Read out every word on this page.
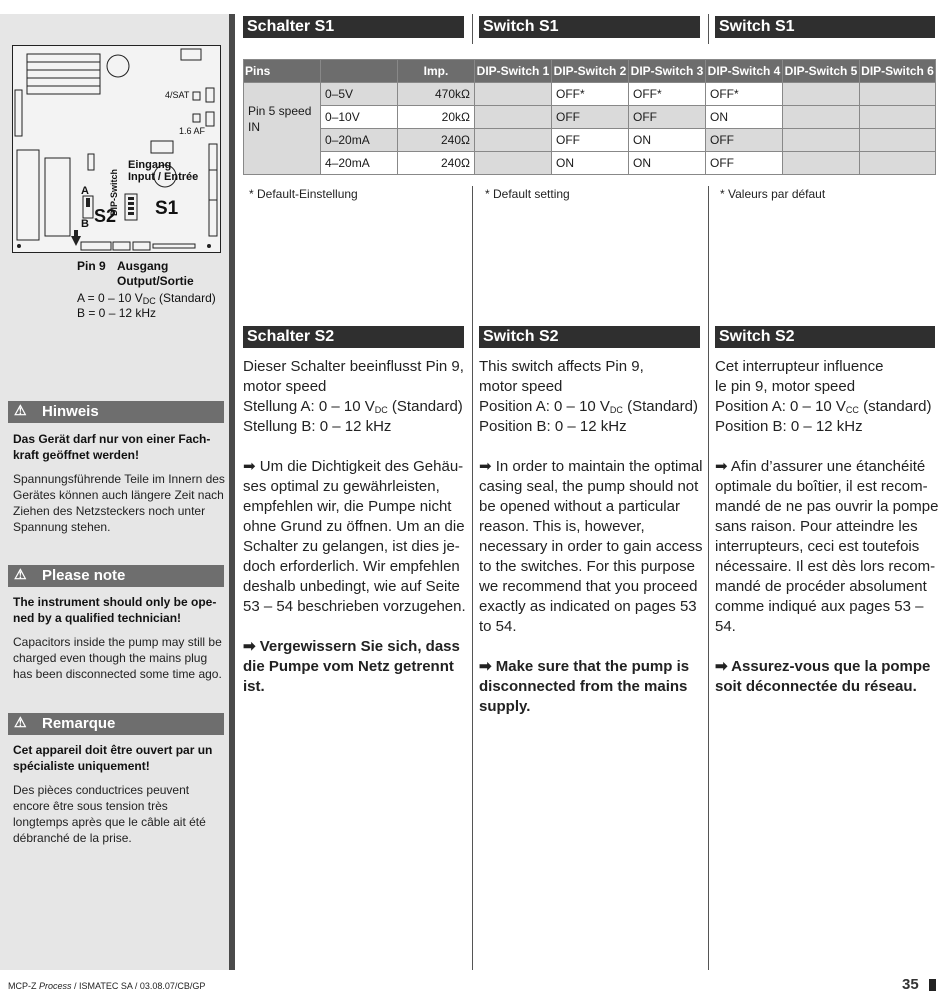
4/SAT
1.6 AF
Eingang
Input / Entrée
A
B S2
DIP-Switch S1
Pin 9 Ausgang
Output/Sortie
A = 0 – 10 $V_{DC}$ (Standard)
B = 0 – 12 kHz
⚠ Hinweis
Das Gerät darf nur von einer Fach-kraft geöffnet werden!
Spannungsführende Teile im Innern des Gerätes können auch längere Zeit nach Ziehen des Netzsteckers noch unter Spannung stehen.
⚠ Please note
The instrument should only be ope-ned by a qualified technician!
Capacitors inside the pump may still be charged even though the mains plug has been disconnected some time ago.
⚠ Remarque
Cet appareil doit être ouvert par un spécialiste uniquement!
Des pièces conductrices peuvent encore être sous tension très longtemps après que le câble ait été débranché de la prise.
Schalter S1	Switch S1	Switch S1
Pins		Imp.	DIP-Switch 1	DIP-Switch 2	DIP-Switch 3	DIP-Switch 4	DIP-Switch 5	DIP-Switch 6
Pin 5 speed IN	0–5V	470kΩ		OFF*	OFF*	OFF*		
	0–10V	20kΩ		OFF	OFF	ON		
	0–20mA	240Ω		OFF	ON	OFF		
	4–20mA	240Ω		ON	ON	OFF		
* Default-Einstellung	* Default setting	* Valeurs par défaut
Schalter S2	Switch S2	Switch S2
Dieser Schalter beeinflusst Pin 9,
motor speed
Stellung A: 0 – 10 $V_{DC}$ (Standard)
Stellung B: 0 – 12 kHz
➡ Um die Dichtigkeit des Gehäu-ses optimal zu gewährleisten, empfehlen wir, die Pumpe nicht ohne Grund zu öffnen. Um an die Schalter zu gelangen, ist dies je-doch erforderlich. Wir empfehlen deshalb unbedingt, wie auf Seite 53 – 54 beschrieben vorzugehen.
➡ Vergewissern Sie sich, dass die Pumpe vom Netz getrennt ist.
This switch affects Pin 9,
motor speed
Position A: 0 – 10 $V_{DC}$ (Standard)
Position B: 0 – 12 kHz
➡ In order to maintain the optimal casing seal, the pump should not be opened without a particular reason. This is, however, necessary in order to gain access to the switches. For this purpose we recommend that you proceed exactly as indicated on pages 53 to 54.
➡ Make sure that the pump is disconnected from the mains supply.
Cet interrupteur influence
le pin 9, motor speed
Position A: 0 – 10 $V_{CC}$ (standard)
Position B: 0 – 12 kHz
➡ Afin d’assurer une étanchéité optimale du boîtier, il est recom-mandé de ne pas ouvrir la pompe sans raison. Pour atteindre les interrupteurs, ceci est toutefois nécessaire. Il est dès lors recom-mandé de procéder absolument comme indiqué aux pages 53 – 54.
➡ Assurez-vous que la pompe soit déconnectée du réseau.
MCP-Z Process / ISMATEC SA / 03.08.07/CB/GP	35
